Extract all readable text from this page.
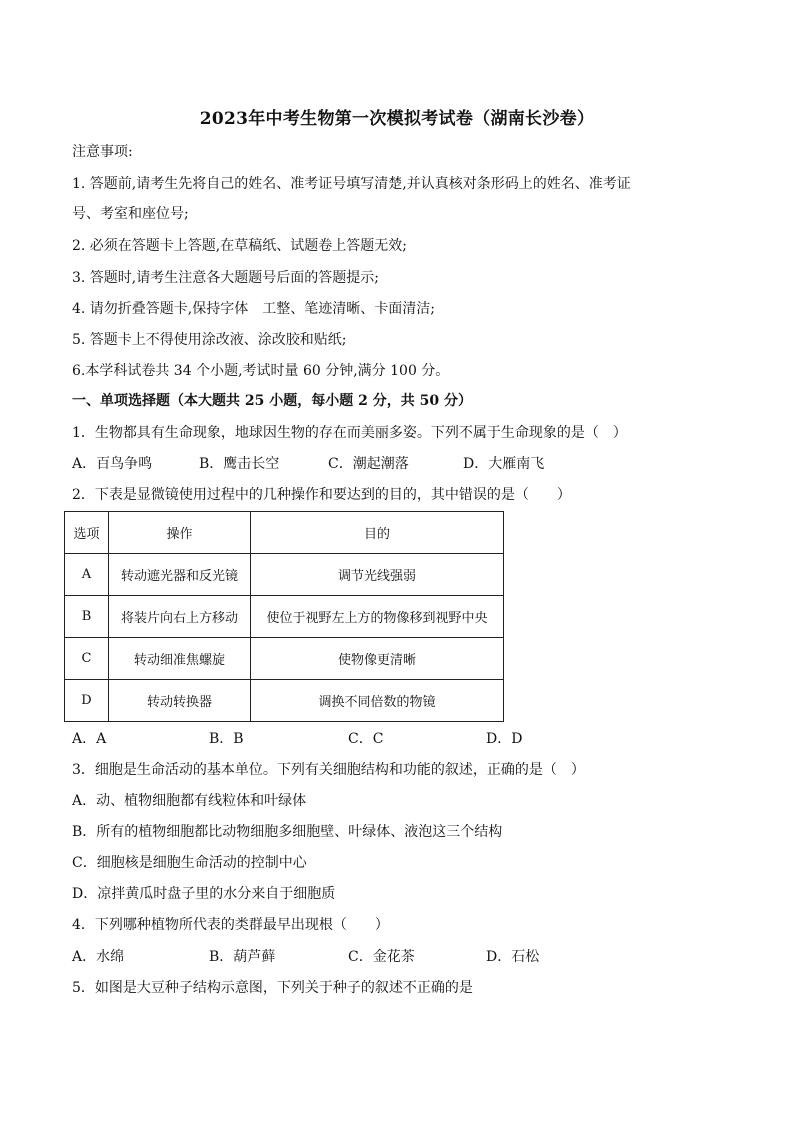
2023年中考生物第一次模拟考试卷（湖南长沙卷）
注意事项:
1. 答题前,请考生先将自己的姓名、准考证号填写清楚,并认真核对条形码上的姓名、准考证
号、考室和座位号;
2. 必须在答题卡上答题,在草稿纸、试题卷上答题无效;
3. 答题时,请考生注意各大题题号后面的答题提示;
4. 请勿折叠答题卡,保持字体　工整、笔迹清晰、卡面清洁;
5. 答题卡上不得使用涂改液、涂改胶和贴纸;
6.本学科试卷共 34 个小题,考试时量 60 分钟,满分 100 分。
一、单项选择题（本大题共 25 小题，每小题 2 分，共 50 分）
1．生物都具有生命现象，地球因生物的存在而美丽多姿。下列不属于生命现象的是（　）
A．百鸟争鸣	B．鹰击长空	C．潮起潮落	D．大雁南飞
2．下表是显微镜使用过程中的几种操作和要达到的目的，其中错误的是（　　）
选项	操作	目的
A	转动遮光器和反光镜	调节光线强弱
B	将装片向右上方移动	使位于视野左上方的物像移到视野中央
C	转动细准焦螺旋	使物像更清晰
D	转动转换器	调换不同倍数的物镜
A．A	B．B	C．C	D．D
3．细胞是生命活动的基本单位。下列有关细胞结构和功能的叙述，正确的是（　）
A．动、植物细胞都有线粒体和叶绿体
B．所有的植物细胞都比动物细胞多细胞壁、叶绿体、液泡这三个结构
C．细胞核是细胞生命活动的控制中心
D．凉拌黄瓜时盘子里的水分来自于细胞质
4．下列哪种植物所代表的类群最早出现根（　　）
A．水绵	B．葫芦藓	C．金花茶	D．石松
5．如图是大豆种子结构示意图，下列关于种子的叙述不正确的是
